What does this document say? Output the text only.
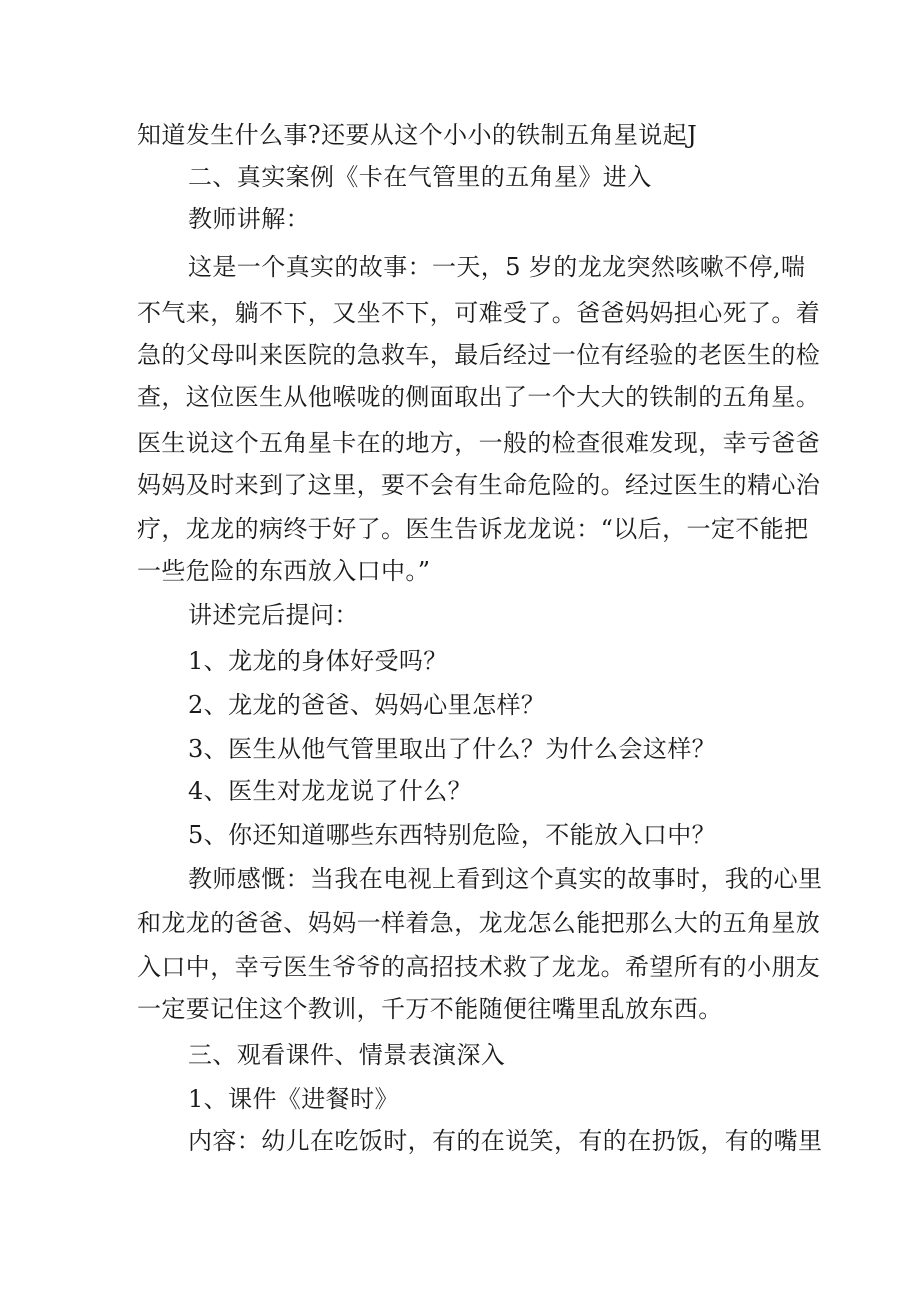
知道发生什么事?还要从这个小小的铁制五角星说起J
二、真实案例《卡在气管里的五角星》进入
教师讲解：
这是一个真实的故事：一天，5 岁的龙龙突然咳嗽不停,喘
不气来，躺不下，又坐不下，可难受了。爸爸妈妈担心死了。着
急的父母叫来医院的急救车，最后经过一位有经验的老医生的检
查，这位医生从他喉咙的侧面取出了一个大大的铁制的五角星。
医生说这个五角星卡在的地方，一般的检查很难发现，幸亏爸爸
妈妈及时来到了这里，要不会有生命危险的。经过医生的精心治
疗，龙龙的病终于好了。医生告诉龙龙说：“以后，一定不能把
一些危险的东西放入口中。”
讲述完后提问：
1、龙龙的身体好受吗？
2、龙龙的爸爸、妈妈心里怎样？
3、医生从他气管里取出了什么？为什么会这样？
4、医生对龙龙说了什么？
5、你还知道哪些东西特别危险，不能放入口中？
教师感慨：当我在电视上看到这个真实的故事时，我的心里
和龙龙的爸爸、妈妈一样着急，龙龙怎么能把那么大的五角星放
入口中，幸亏医生爷爷的高招技术救了龙龙。希望所有的小朋友
一定要记住这个教训，千万不能随便往嘴里乱放东西。
三、观看课件、情景表演深入
1、课件《进餐时》
内容：幼儿在吃饭时，有的在说笑，有的在扔饭，有的嘴里
